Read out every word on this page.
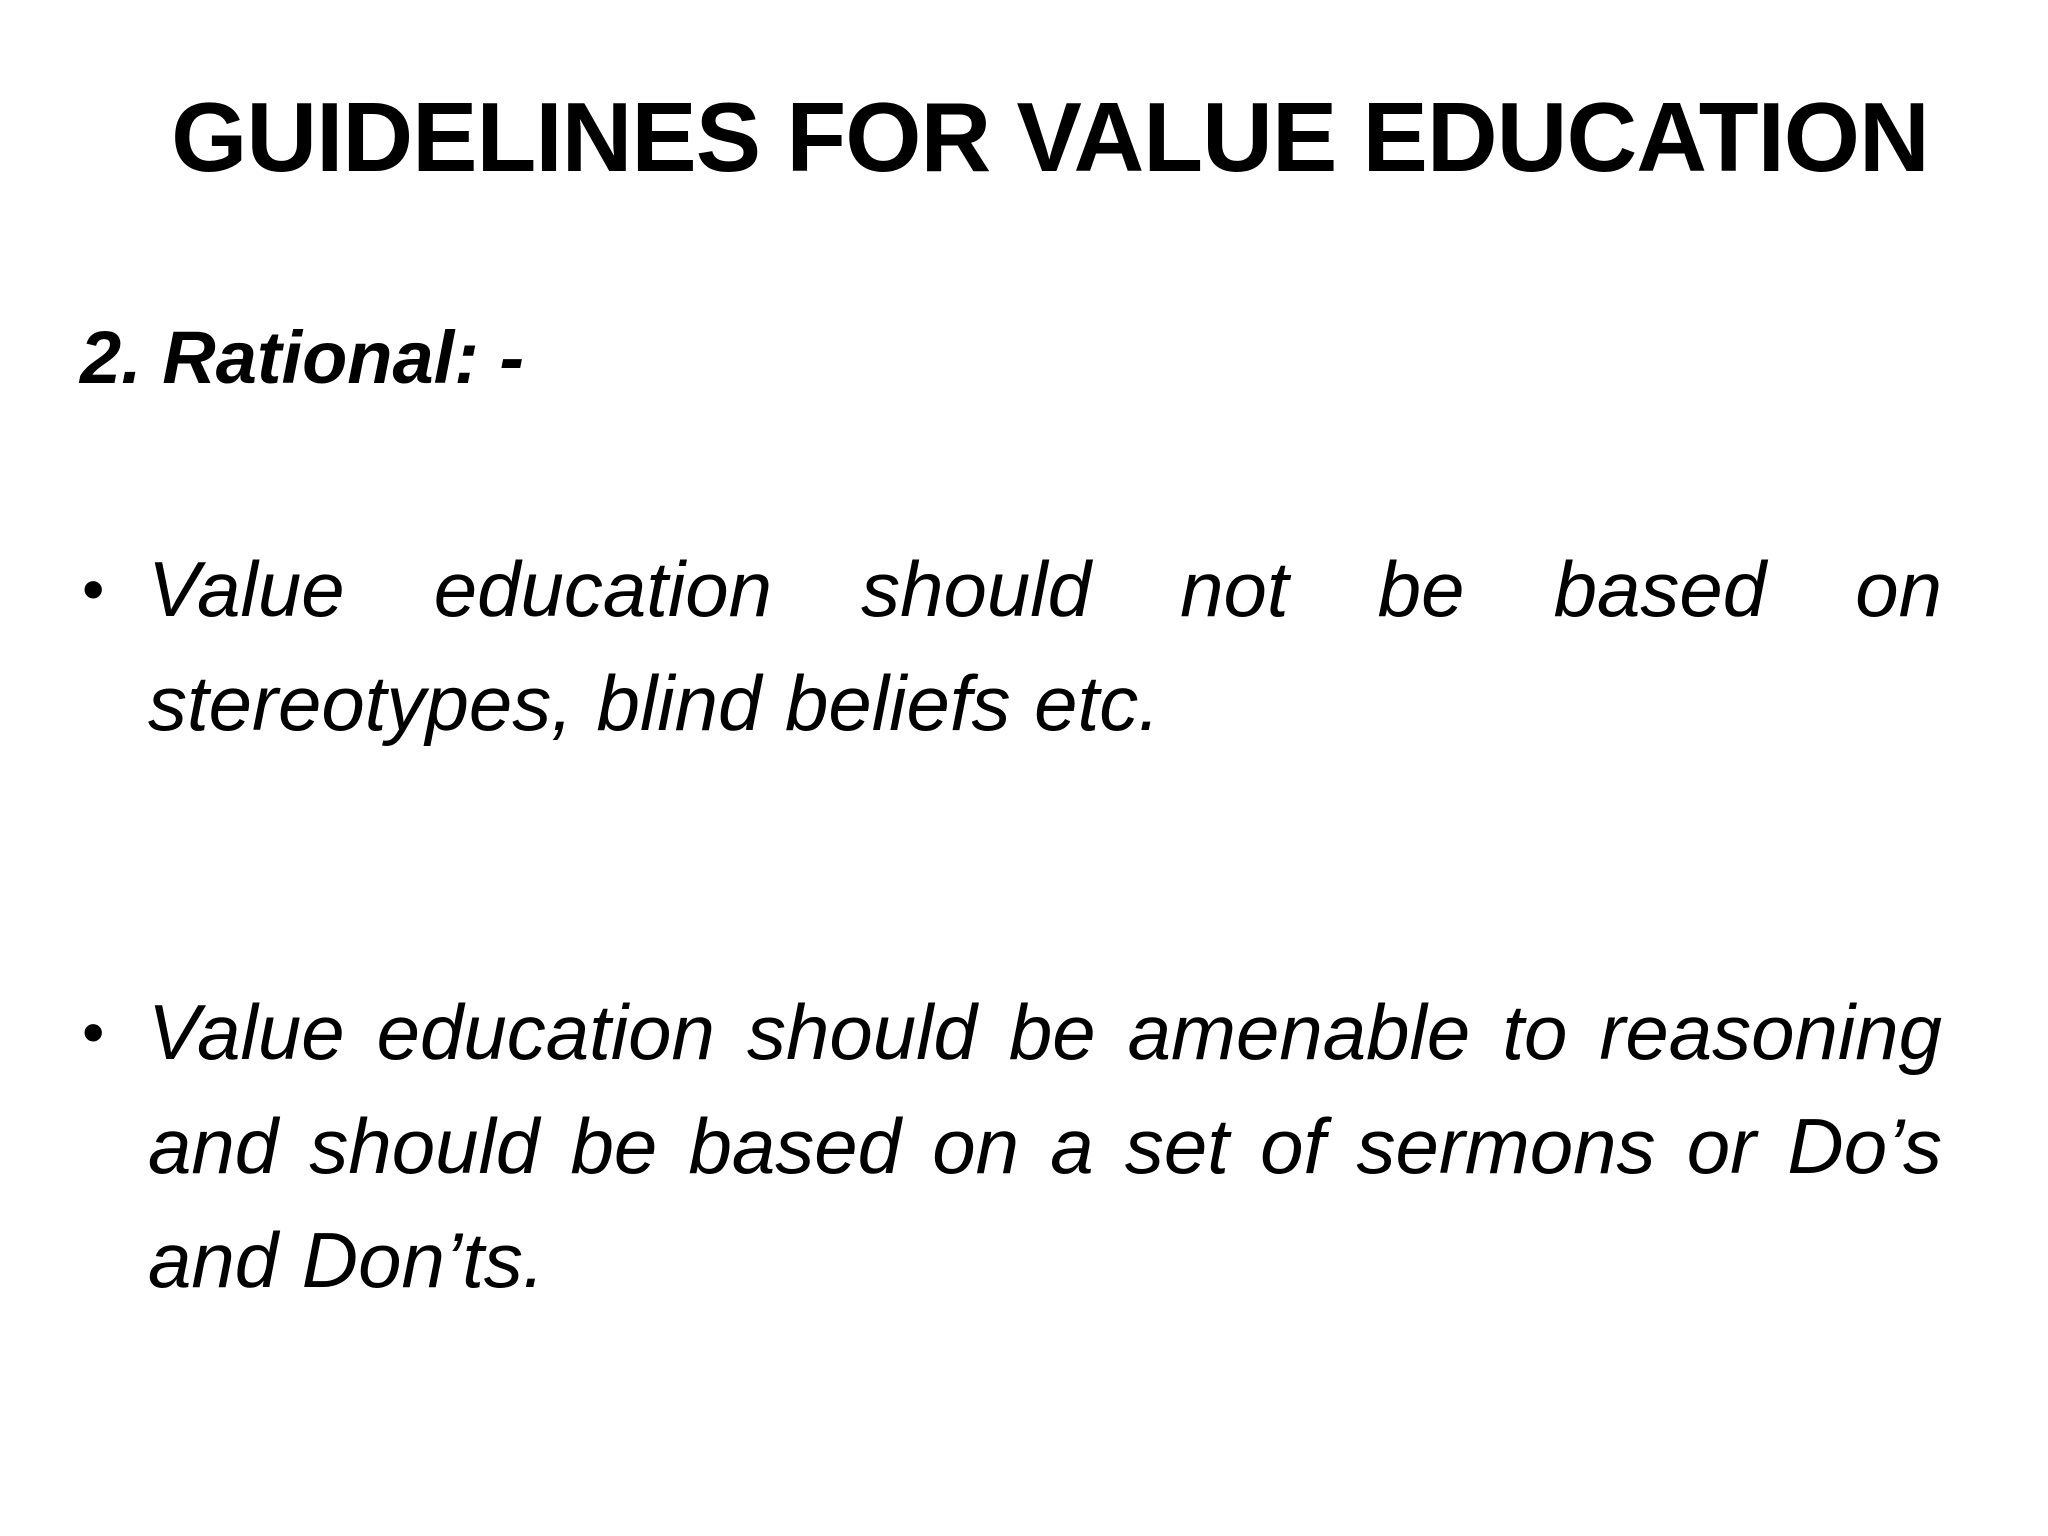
GUIDELINES FOR VALUE EDUCATION
2. Rational: -
• Value education should not be based on stereotypes, blind beliefs etc.
• Value education should be amenable to reasoning and should be based on a set of sermons or Do’s and Don’ts.
